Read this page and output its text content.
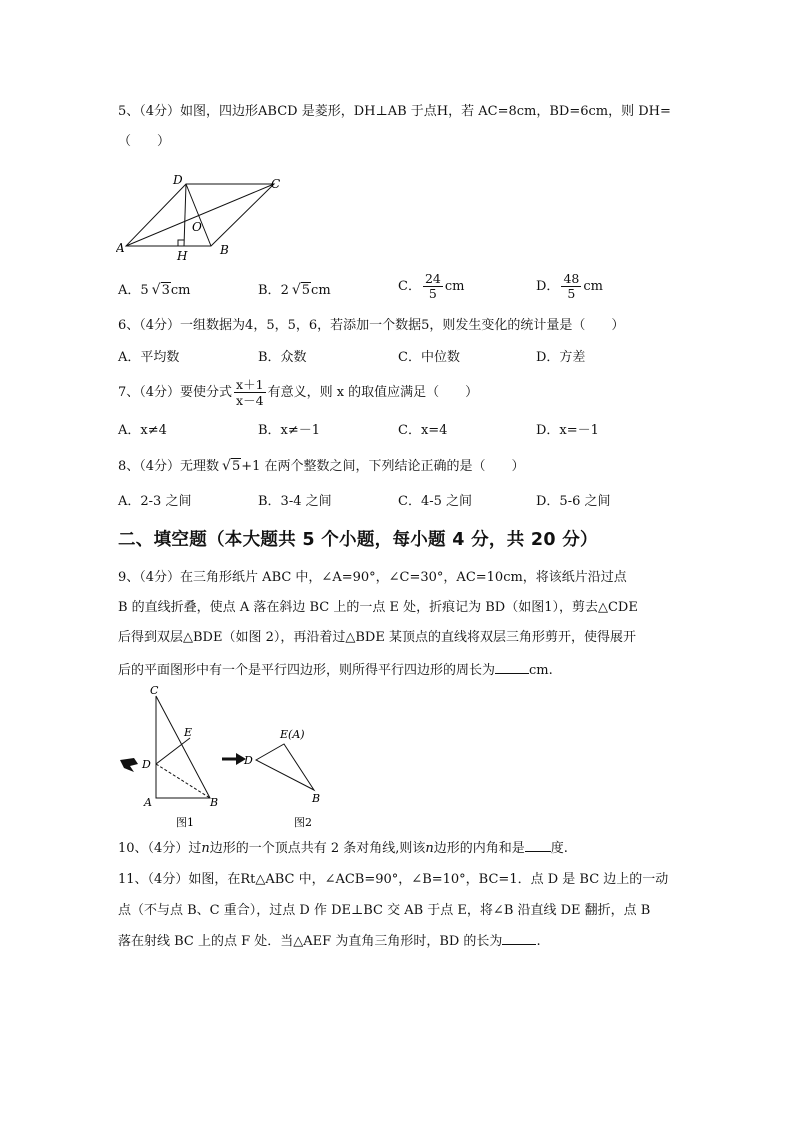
5、（4分）如图，四边形ABCD 是菱形，DH⊥AB 于点H，若 AC=8cm，BD=6cm，则 DH=
（　　）
D	C
A	B
H
O
A．5 √3cm	B．2 √5cm	C． $\frac{24}{5}$ cm	D． $\frac{48}{5}$ cm
6、（4分）一组数据为4，5，5，6，若添加一个数据5，则发生变化的统计量是（　　）
A．平均数	B．众数	C．中位数	D．方差
7、（4分）要使分式 $\frac{x+1}{x-4}$ 有意义，则 x 的取值应满足（　　）
A．x≠4	B．x≠－1	C．x=4	D．x=－1
8、（4分）无理数 √5+1 在两个整数之间，下列结论正确的是（　　）
A．2-3 之间	B．3-4 之间	C．4-5 之间	D．5-6 之间
二、填空题（本大题共 5 个小题，每小题 4 分，共 20 分）
9、（4分）在三角形纸片 ABC 中，∠A=90°，∠C=30°，AC=10cm，将该纸片沿过点
B 的直线折叠，使点 A 落在斜边 BC 上的一点 E 处，折痕记为 BD（如图1），剪去△CDE
后得到双层△BDE（如图 2），再沿着过△BDE 某顶点的直线将双层三角形剪开，使得展开
后的平面图形中有一个是平行四边形，则所得平行四边形的周长为	cm.
C
E
D
A	B
E(A)
D
B
图1	图2
10、（4分）过n边形的一个顶点共有 2 条对角线,则该n边形的内角和是 度.
11、（4分）如图，在Rt△ABC 中，∠ACB=90°，∠B=10°，BC=1．点 D 是 BC 边上的一动
点（不与点 B、C 重合），过点 D 作 DE⊥BC 交 AB 于点 E，将∠B 沿直线 DE 翻折，点 B
落在射线 BC 上的点 F 处．当△AEF 为直角三角形时，BD 的长为	.
